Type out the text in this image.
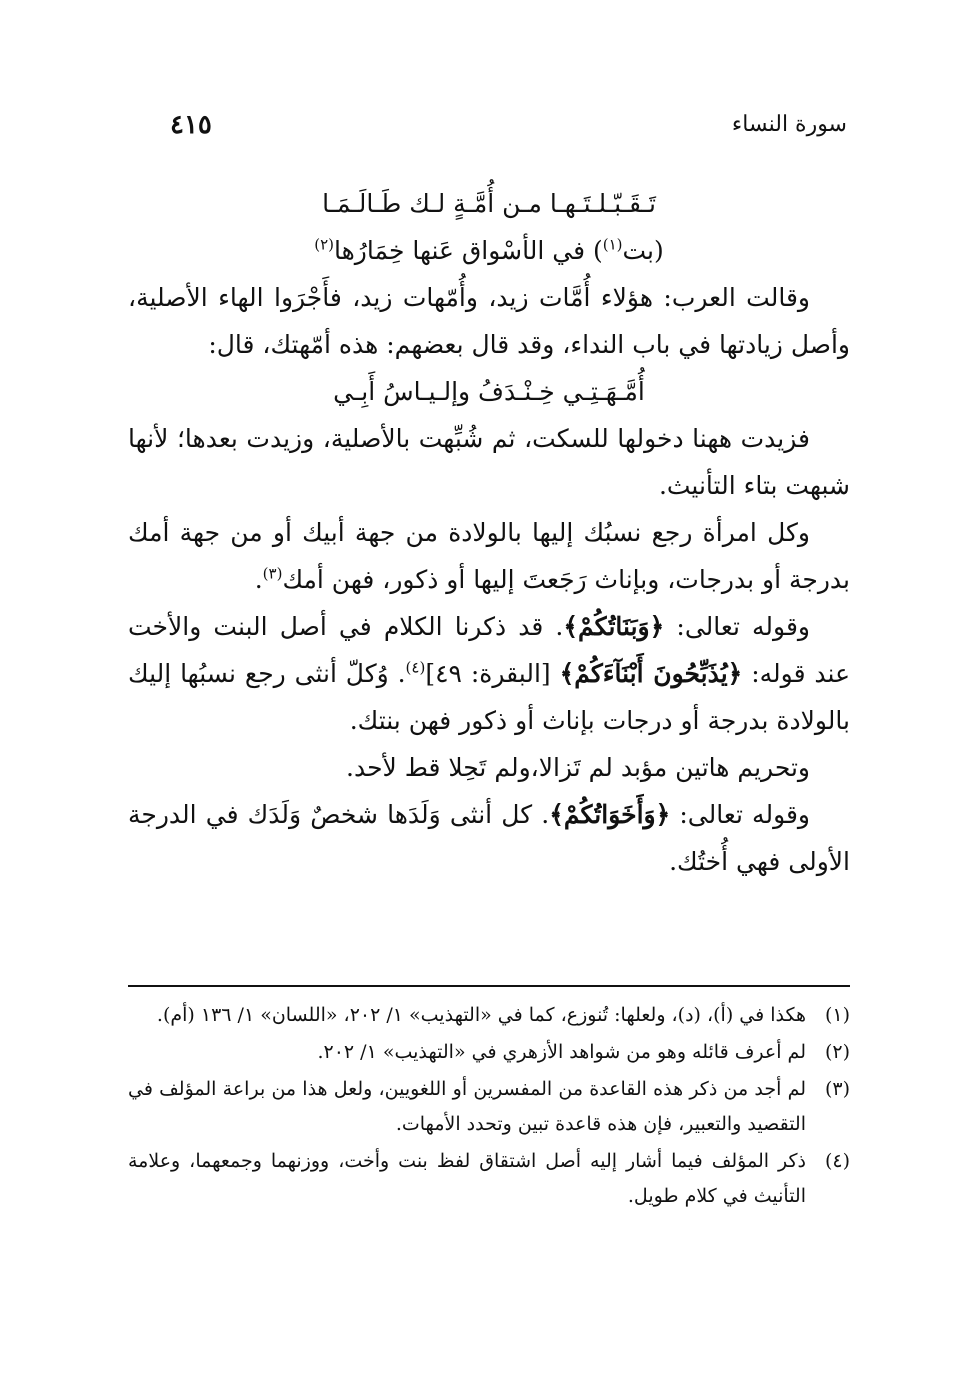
سورة النساء
٤١٥

تَـقَـبّـلـتَـهـا مـن أُمَّـةٍ لـك طَـالَـمَـا

(بت$^{(١)}$) في الأسْواق عَنها خِمَارُها$^{(٢)}$

وقالت العرب: هؤلاء أُمَّات زيد، وأُمّهات زيد، فأَجْرَوا الهاء الأصلية، وأصل زيادتها في باب النداء، وقد قال بعضهم: هذه أمّهتك، قال:

أُمَّـهَـتِـي خِـنْـدَفُ وإلـيـاسُ أَبِـي

فزيدت ههنا دخولها للسكت، ثم شُبِّهت بالأصلية، وزيدت بعدها؛ لأنها شبهت بتاء التأنيث.

وكل امرأة رجع نسبُك إليها بالولادة من جهة أبيك أو من جهة أمك بدرجة أو بدرجات، وبإناث رَجَعتَ إليها أو ذكور، فهن أمك$^{(٣)}$.

وقوله تعالى: ﴿وَبَنَاتُكُمْ﴾. قد ذكرنا الكلام في أصل البنت والأخت عند قوله: ﴿يُذَبِّحُونَ أَبْنَآءَكُمْ﴾ [البقرة: ٤٩]$^{(٤)}$. وُكلّ أنثى رجع نسبُها إليك بالولادة بدرجة أو درجات بإناث أو ذكور فهن بنتك.

وتحريم هاتين مؤبد لم تَزالا،ولم تَحِلا قط لأحد.

وقوله تعالى: ﴿وَأَخَوَاتُكُمْ﴾. كل أنثى وَلَدَها شخصٌ وَلَدَك في الدرجة الأولى فهي أُختُك.

(١)
هكذا في (أ)، (د)، ولعلها: تُنوزع، كما في «التهذيب» ١/ ٢٠٢، «اللسان» ١/ ١٣٦ (أم).

(٢)
لم أعرف قائله وهو من شواهد الأزهري في «التهذيب» ١/ ٢٠٢.

(٣)
لم أجد من ذكر هذه القاعدة من المفسرين أو اللغويين، ولعل هذا من براعة المؤلف في التقصيد والتعبير، فإن هذه قاعدة تبين وتحدد الأمهات.

(٤)
ذكر المؤلف فيما أشار إليه أصل اشتقاق لفظ بنت وأخت، ووزنهما وجمعهما، وعلامة التأنيث في كلام طويل.
